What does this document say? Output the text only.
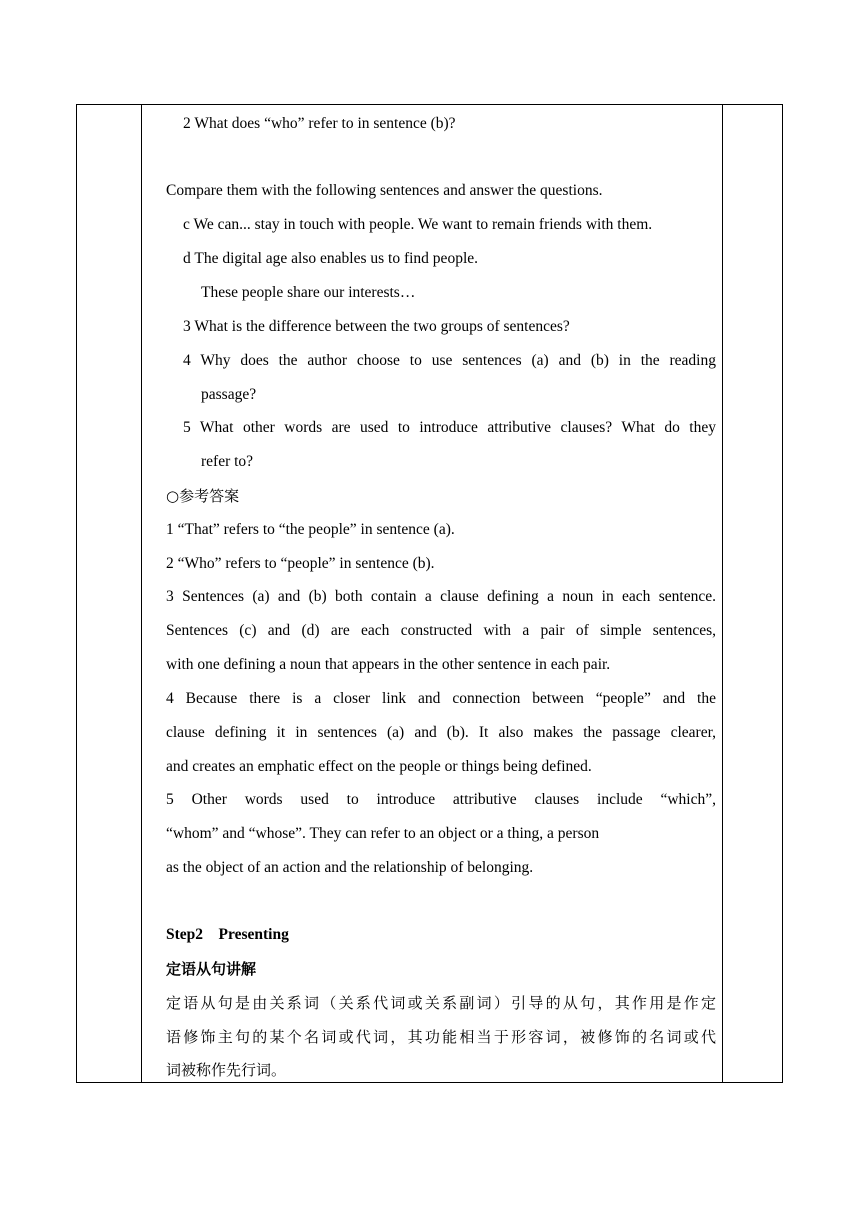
2 What does “who” refer to in sentence (b)?
Compare them with the following sentences and answer the questions.
c We can... stay in touch with people. We want to remain friends with them.
d The digital age also enables us to find people.
These people share our interests…
3 What is the difference between the two groups of sentences?
4 Why does the author choose to use sentences (a) and (b) in the reading
passage?
5 What other words are used to introduce attributive clauses? What do they
refer to?
○参考答案
1 “That” refers to “the people” in sentence (a).
2 “Who” refers to “people” in sentence (b).
3 Sentences (a) and (b) both contain a clause defining a noun in each sentence.
Sentences (c) and (d) are each constructed with a pair of simple sentences,
with one defining a noun that appears in the other sentence in each pair.
4 Because there is a closer link and connection between “people” and the
clause defining it in sentences (a) and (b). It also makes the passage clearer,
and creates an emphatic effect on the people or things being defined.
5 Other words used to introduce attributive clauses include “which”,
“whom” and “whose”. They can refer to an object or a thing, a person
as the object of an action and the relationship of belonging.
Step2　Presenting
定语从句讲解
定语从句是由关系词（关系代词或关系副词）引导的从句，其作用是作定
语修饰主句的某个名词或代词，其功能相当于形容词，被修饰的名词或代
词被称作先行词。
